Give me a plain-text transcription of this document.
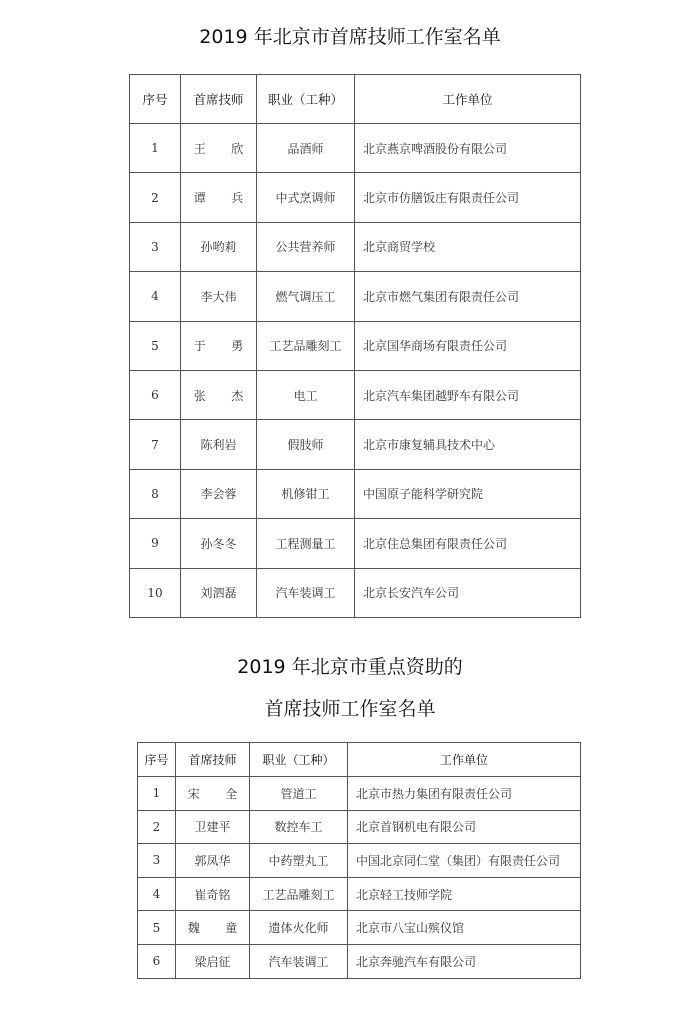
2019 年北京市首席技师工作室名单
序号	首席技师	职业（工种）	工作单位
1	王 欣	品酒师	北京燕京啤酒股份有限公司
2	谭 兵	中式烹调师	北京市仿膳饭庄有限责任公司
3	孙哟莉	公共营养师	北京商贸学校
4	李大伟	燃气调压工	北京市燃气集团有限责任公司
5	于 勇	工艺品雕刻工	北京国华商场有限责任公司
6	张 杰	电工	北京汽车集团越野车有限公司
7	陈利岩	假肢师	北京市康复辅具技术中心
8	李会蓉	机修钳工	中国原子能科学研究院
9	孙冬冬	工程测量工	北京住总集团有限责任公司
10	刘泗磊	汽车装调工	北京长安汽车公司
2019 年北京市重点资助的
首席技师工作室名单
序号	首席技师	职业（工种）	工作单位
1	宋 全	管道工	北京市热力集团有限责任公司
2	卫建平	数控车工	北京首钢机电有限公司
3	郭凤华	中药塑丸工	中国北京同仁堂（集团）有限责任公司
4	崔奇铭	工艺品雕刻工	北京轻工技师学院
5	魏 童	遗体火化师	北京市八宝山殡仪馆
6	梁启征	汽车装调工	北京奔驰汽车有限公司
